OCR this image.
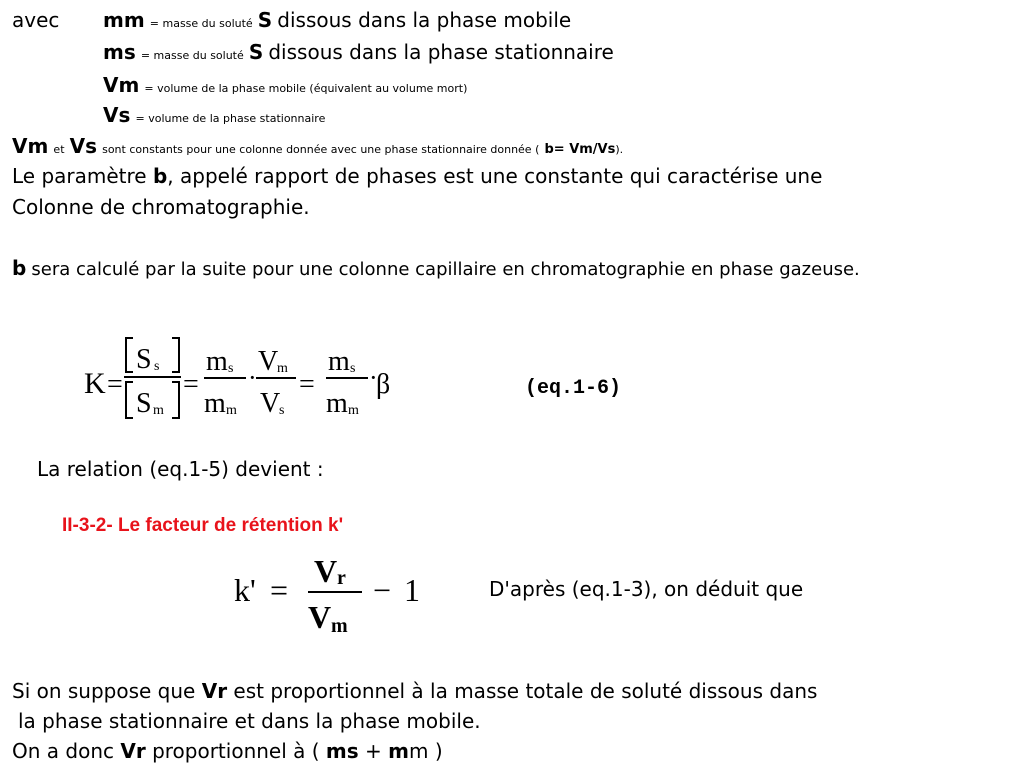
avec mm = masse du soluté S dissous dans la phase mobile
ms = masse du soluté S dissous dans la phase stationnaire
Vm = volume de la phase mobile (équivalent au volume mort)
Vs = volume de la phase stationnaire
Vm et Vs sont constants pour une colonne donnée avec une phase stationnaire donnée ( b= Vm/Vs).
Le paramètre b, appelé rapport de phases est une constante qui caractérise une
Colonne de chromatographie.
b sera calculé par la suite pour une colonne capillaire en chromatographie en phase gazeuse.
K =
S s
S m
=
m s
m m
·
V
m
V
s
=
m s
m m
·
β	(eq.1-6)
La relation (eq.1-5) devient :
II-3-2- Le facteur de rétention k'
k' =
V r
V m
− 1	D'après (eq.1-3), on déduit que
Si on suppose que Vr est proportionnel à la masse totale de soluté dissous dans
la phase stationnaire et dans la phase mobile.
On a donc Vr proportionnel à ( ms + mm )
